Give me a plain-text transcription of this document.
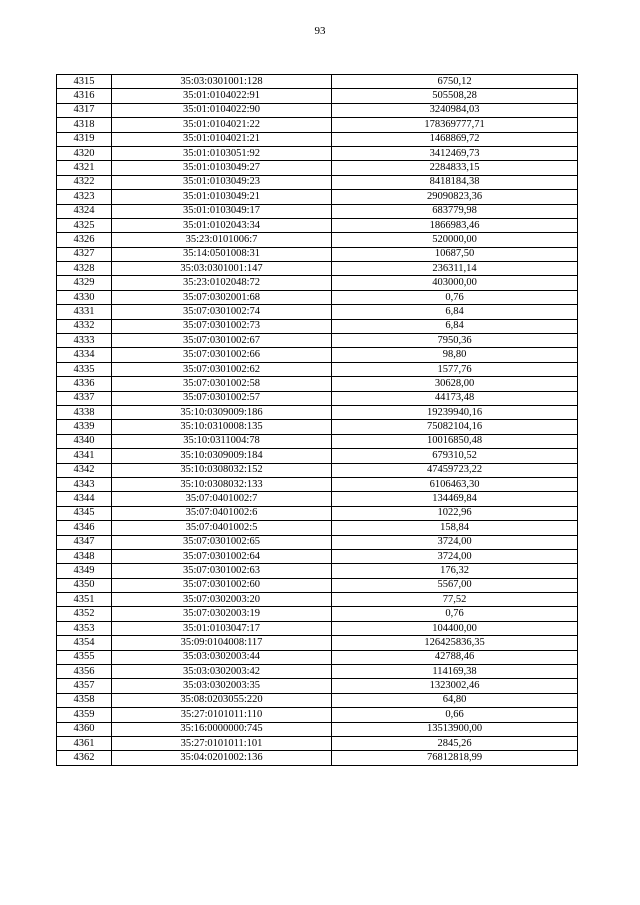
93
4315	35:03:0301001:128	6750,12
4316	35:01:0104022:91	505508,28
4317	35:01:0104022:90	3240984,03
4318	35:01:0104021:22	178369777,71
4319	35:01:0104021:21	1468869,72
4320	35:01:0103051:92	3412469,73
4321	35:01:0103049:27	2284833,15
4322	35:01:0103049:23	8418184,38
4323	35:01:0103049:21	29090823,36
4324	35:01:0103049:17	683779,98
4325	35:01:0102043:34	1866983,46
4326	35:23:0101006:7	520000,00
4327	35:14:0501008:31	10687,50
4328	35:03:0301001:147	236311,14
4329	35:23:0102048:72	403000,00
4330	35:07:0302001:68	0,76
4331	35:07:0301002:74	6,84
4332	35:07:0301002:73	6,84
4333	35:07:0301002:67	7950,36
4334	35:07:0301002:66	98,80
4335	35:07:0301002:62	1577,76
4336	35:07:0301002:58	30628,00
4337	35:07:0301002:57	44173,48
4338	35:10:0309009:186	19239940,16
4339	35:10:0310008:135	75082104,16
4340	35:10:0311004:78	10016850,48
4341	35:10:0309009:184	679310,52
4342	35:10:0308032:152	47459723,22
4343	35:10:0308032:133	6106463,30
4344	35:07:0401002:7	134469,84
4345	35:07:0401002:6	1022,96
4346	35:07:0401002:5	158,84
4347	35:07:0301002:65	3724,00
4348	35:07:0301002:64	3724,00
4349	35:07:0301002:63	176,32
4350	35:07:0301002:60	5567,00
4351	35:07:0302003:20	77,52
4352	35:07:0302003:19	0,76
4353	35:01:0103047:17	104400,00
4354	35:09:0104008:117	126425836,35
4355	35:03:0302003:44	42788,46
4356	35:03:0302003:42	114169,38
4357	35:03:0302003:35	1323002,46
4358	35:08:0203055:220	64,80
4359	35:27:0101011:110	0,66
4360	35:16:0000000:745	13513900,00
4361	35:27:0101011:101	2845,26
4362	35:04:0201002:136	76812818,99
